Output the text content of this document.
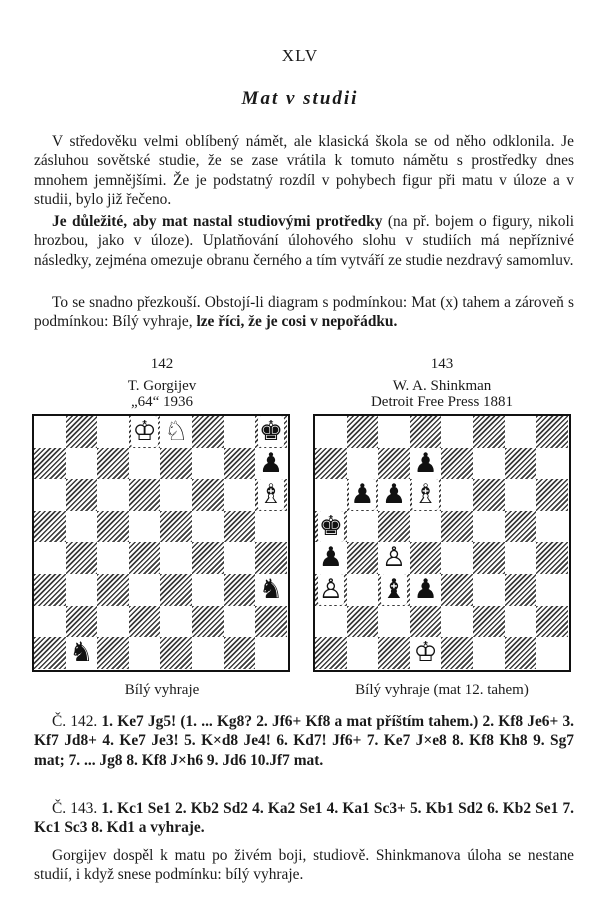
XLV
Mat v studii

V středověku velmi oblíbený námět, ale klasická škola se od něho odklonila. Je zásluhou sovětské studie, že se zase vrátila k tomuto námětu s prostředky dnes mnohem jemnějšími. Že je podstatný rozdíl v pohybech figur při matu v úloze a v studii, bylo již řečeno.

Je důležité, aby mat nastal studiovými protředky (na př. bojem o figury, nikoli hrozbou, jako v úloze). Uplatňování úlohového slohu v studiích má nepříznivé následky, zejména omezuje obranu černého a tím vytváří ze studie nezdravý samomluv.

To se snadno přezkouší. Obstojí-li diagram s podmínkou: Mat (x) tahem a zároveň s podmínkou: Bílý vyhraje, lze říci, že je cosi v nepořádku.

142
T. Gorgijev
„64“ 1936
♔ ♘	♚
♟
♗
♞
♞
Bílý vyhraje
143
W. A. Shinkman
Detroit Free Press 1881
♟
♟ ♟ ♗
♚
♟ ♙
♙ ♝ ♟
♔
Bílý vyhraje (mat 12. tahem)

Č. 142. 1. Ke7 Jg5! (1. ... Kg8? 2. Jf6+ Kf8 a mat příštím tahem.) 2. Kf8 Je6+ 3. Kf7 Jd8+ 4. Ke7 Je3! 5. K×d8 Je4! 6. Kd7! Jf6+ 7. Ke7 J×e8 8. Kf8 Kh8 9. Sg7 mat; 7. ... Jg8 8. Kf8 J×h6 9. Jd6 10.Jf7 mat.

Č. 143. 1. Kc1 Se1 2. Kb2 Sd2 4. Ka2 Se1 4. Ka1 Sc3+ 5. Kb1 Sd2 6. Kb2 Se1 7. Kc1 Sc3 8. Kd1 a vyhraje.

Gorgijev dospěl k matu po živém boji, studiově. Shinkmanova úloha se nestane studií, i když snese podmínku: bílý vyhraje.
